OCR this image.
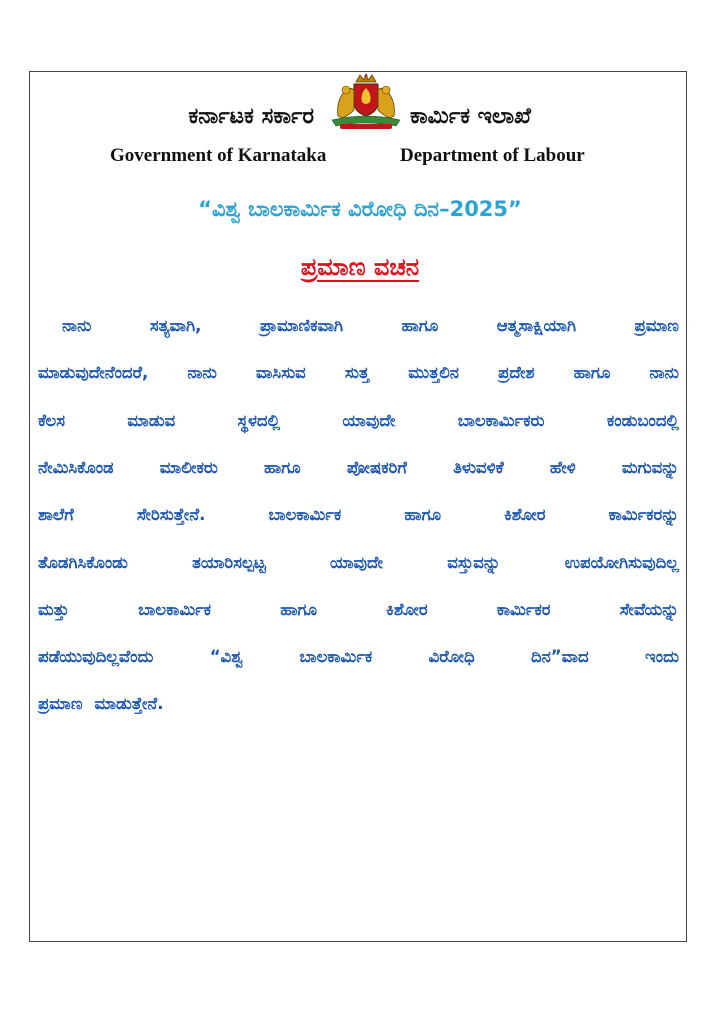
ಕರ್ನಾಟಕ ಸರ್ಕಾರ	ಕಾರ್ಮಿಕ ಇಲಾಖೆ
Government of Karnataka	Department of Labour
“ವಿಶ್ವ ಬಾಲಕಾರ್ಮಿಕ ವಿರೋಧಿ ದಿನ–2025”
ಪ್ರಮಾಣ ವಚನ
ನಾನು	ಸತ್ಯವಾಗಿ,	ಪ್ರಾಮಾಣಿಕವಾಗಿ	ಹಾಗೂ	ಆತ್ಮಸಾಕ್ಷಿಯಾಗಿ	ಪ್ರಮಾಣ
ಮಾಡುವುದೇನೆಂದರೆ, ನಾನು ವಾಸಿಸುವ ಸುತ್ತ ಮುತ್ತಲಿನ ಪ್ರದೇಶ ಹಾಗೂ ನಾನು
ಕೆಲಸ	ಮಾಡುವ	ಸ್ಥಳದಲ್ಲಿ	ಯಾವುದೇ	ಬಾಲಕಾರ್ಮಿಕರು	ಕಂಡುಬಂದಲ್ಲಿ
ನೇಮಿಸಿಕೊಂಡ	ಮಾಲೀಕರು	ಹಾಗೂ	ಪೋಷಕರಿಗೆ	ತಿಳುವಳಿಕೆ	ಹೇಳಿ	ಮಗುವನ್ನು
ಶಾಲೆಗೆ	ಸೇರಿಸುತ್ತೇನೆ.	ಬಾಲಕಾರ್ಮಿಕ	ಹಾಗೂ	ಕಿಶೋರ	ಕಾರ್ಮಿಕರನ್ನು
ತೊಡಗಿಸಿಕೊಂಡು	ತಯಾರಿಸಲ್ಪಟ್ಟ	ಯಾವುದೇ	ವಸ್ತುವನ್ನು	ಉಪಯೋಗಿಸುವುದಿಲ್ಲ
ಮತ್ತು	ಬಾಲಕಾರ್ಮಿಕ	ಹಾಗೂ	ಕಿಶೋರ	ಕಾರ್ಮಿಕರ	ಸೇವೆಯನ್ನು
ಪಡೆಯುವುದಿಲ್ಲವೆಂದು	“ವಿಶ್ವ	ಬಾಲಕಾರ್ಮಿಕ	ವಿರೋಧಿ	ದಿನ”ವಾದ	ಇಂದು
ಪ್ರಮಾಣ ಮಾಡುತ್ತೇನೆ.
